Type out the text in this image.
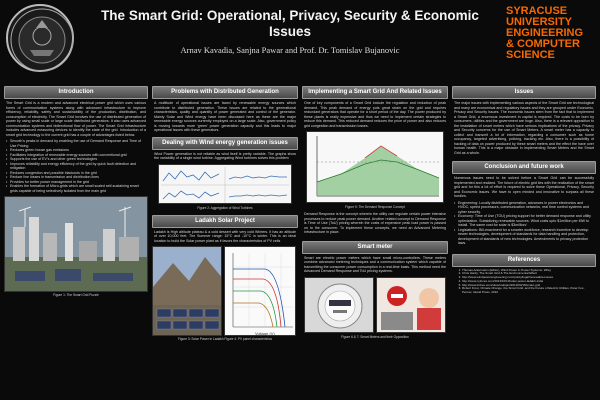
The Smart Grid: Operational, Privacy, Security & Economic Issues
Arnav Kavadia, Sanjna Pawar and Prof. Dr. Tomislav Bujanovic
SYRACUSE
UNIVERSITY
ENGINEERING
& COMPUTER
SCIENCE
Introduction
The Smart Grid is a modern and advanced electrical power grid which uses various forms of communication systems along with advanced infrastructure to improve efficiency, reliability, safety and sustainability of the production, distribution, and consumption of electricity. The Smart Grid involves the use of distributed generation of power by using small scale or large scale distributed generators. It also uses advanced communication systems and bidirectional flow of power. The Smart Grid infrastructure includes advanced measuring devices to identify the state of the grid. Introduction of a smart grid technology to the current grid has a couple of advantages listed below.
• Smooth's peaks in demand by enabling the use of Demand Response and Time of Use Pricing
• Reduces green house gas emissions
• Facilitates integration of renewable energy sources with conventional grid
• Supports the use of EV's and other green technologies
• Improves reliability and energy efficiency of the grid by quick fault detection and mitigation
• Reduces congestion and possible blackouts in the grid
• Reduce line losses in transmission and distribution lines
• Provides for better power management in the grid
• Enables the formation of Micro-grids which are small scaled self-sustaining smart grids capable of being selectively isolated from the main grid
Figure 1: The Smart Grid Puzzle
Problems with Distributed Generation
A multitude of operational issues are faced by renewable energy sources which contribute to distributed generation. These issues are related to the generational characteristics, quality and quantity of power generated and control of the generator. Mainly Solar and Wind energy have been discussed here as these are the major renewable energy sources currently employed on a large scale. Also, government policy is moving towards more 'green' power generation capacity and this leads to major operational issues with these generators.
Dealing with Wind energy generation issues
Wind Power generation is not reliable as wind itself is pretty variable. The graphs show the variability of a single wind turbine. Aggregating Wind turbines solves this problem
Figure 2: Aggregation of Wind Turbines
Ladakh Solar Project
Ladakh is High altitude plateau & a cold dessert with very cold Winters. It has an altitude of over 10,000 feet. The Summer range: 15°C and -10°C in winter. This is an ideal location to build the Solar power plant as it favors the characteristics of PV cells
Voltage (V)
Figure 3: Solar Power in Ladakh Figure 4: PV panel characteristics
Implementing a Smart Grid And Related Issues
One of key components of a Smart Grid include the regulation and reduction of peak demand. This peak demand of energy puts great strain on the grid and requires redundant generators that operate for a short period of the day. The power produced by these plants is really expensive and thus we need to implement certain strategies to reduce this demand. This reduced demand reduces the price of power and also reduces grid congestion and transmission losses.
Figure 5: The Demand Response Concept
Demand Response is the concept wherein the utility can regulate certain power intensive processes to reduce peak power demand. Another related concept to Demand Response is Time of Use (ToU) pricing wherein the costs of expensive peak load power is passed on to the consumer. To implement these concepts, we need an Advanced Metering Infrastructure in place.
Smart meter
Smart are electric power meters which have small micro-controllers. These meters combine advanced metering techniques and a communication system which capable of transmitting the consumer power consumption in a real-time basis. This method need the Advanced Demand Response and ToU pricing systems.
Figure 6 & 7: Smart Meters and their Opposition
Issues
The major issues with implementing various aspects of the Smart Grid are technological and many are economical and regulatory issues and they are grouped under Economic, Privacy and Security issues. The economic issues stem from the fact that to implement a Smart Grid, a enormous investment in capital is required. The costs to be born by consumers, utilities and the government are huge. Also, there is a relevant opposition to the installation of smart meters which have serious implications of the privacy. Privacy and Security concerns for the use of Smart Meters. A smart meter has a capacity to collect and transmit a lot of information, regarding a consumer such as home occupancy, targeted advertising, policing, tracking etc. Also, there is a possibility of hacking of data on power produced by these smart meters and the effect the have over human health. This is a major obstacle in implementing Smart Meters and the Smart Grid as a whole.
Conclusion and future work
Numerous issues need to be solved before a Smart Grid can be successfully implemented and realized. The future of electric grid lies with the realization of the smart grid and for this a lot of effort is required to solve these Operational, Privacy, Security and Economic issues. We have to open minded and innovative to surpass all these hurdles.
• Engineering: Locally distributed generation, advances in power electronics and HVDC, speed processors, communication networks, real time control systems and cyber security.
• Economy: Time of Use (TOU) pricing support for better demand response and utility optimization. Subsidizing renewable sources. Wind costs upto $1million per MW to install. The same cost for solar is $3million/
• Legislations: Bill-enactment for a smarter workforce, research incentive to develop newer technologies, development of standards for data handling and protection, development of standards of new technologies. Amendments to privacy protection laws.
References
1. Thomas Ackermann (Editor), Wind Power in Power Systems, Wiley
2. Chris Hardy, The Smart Grid & The Environmental Effect
3. http://www.windpowerengineering.com/policy/legal/renewable-issues
4. http://www.nytimes.com/2013/10/10/solar-power-ladakh-india
5. http://www.forbes.com/sites/realspin/2013/03/18/smart-grid
6. Robert Frost, Climate Change, the Smart Grid, and the Future of Electric Utilities, Peter Fox-Penner, Island Press, 2010
